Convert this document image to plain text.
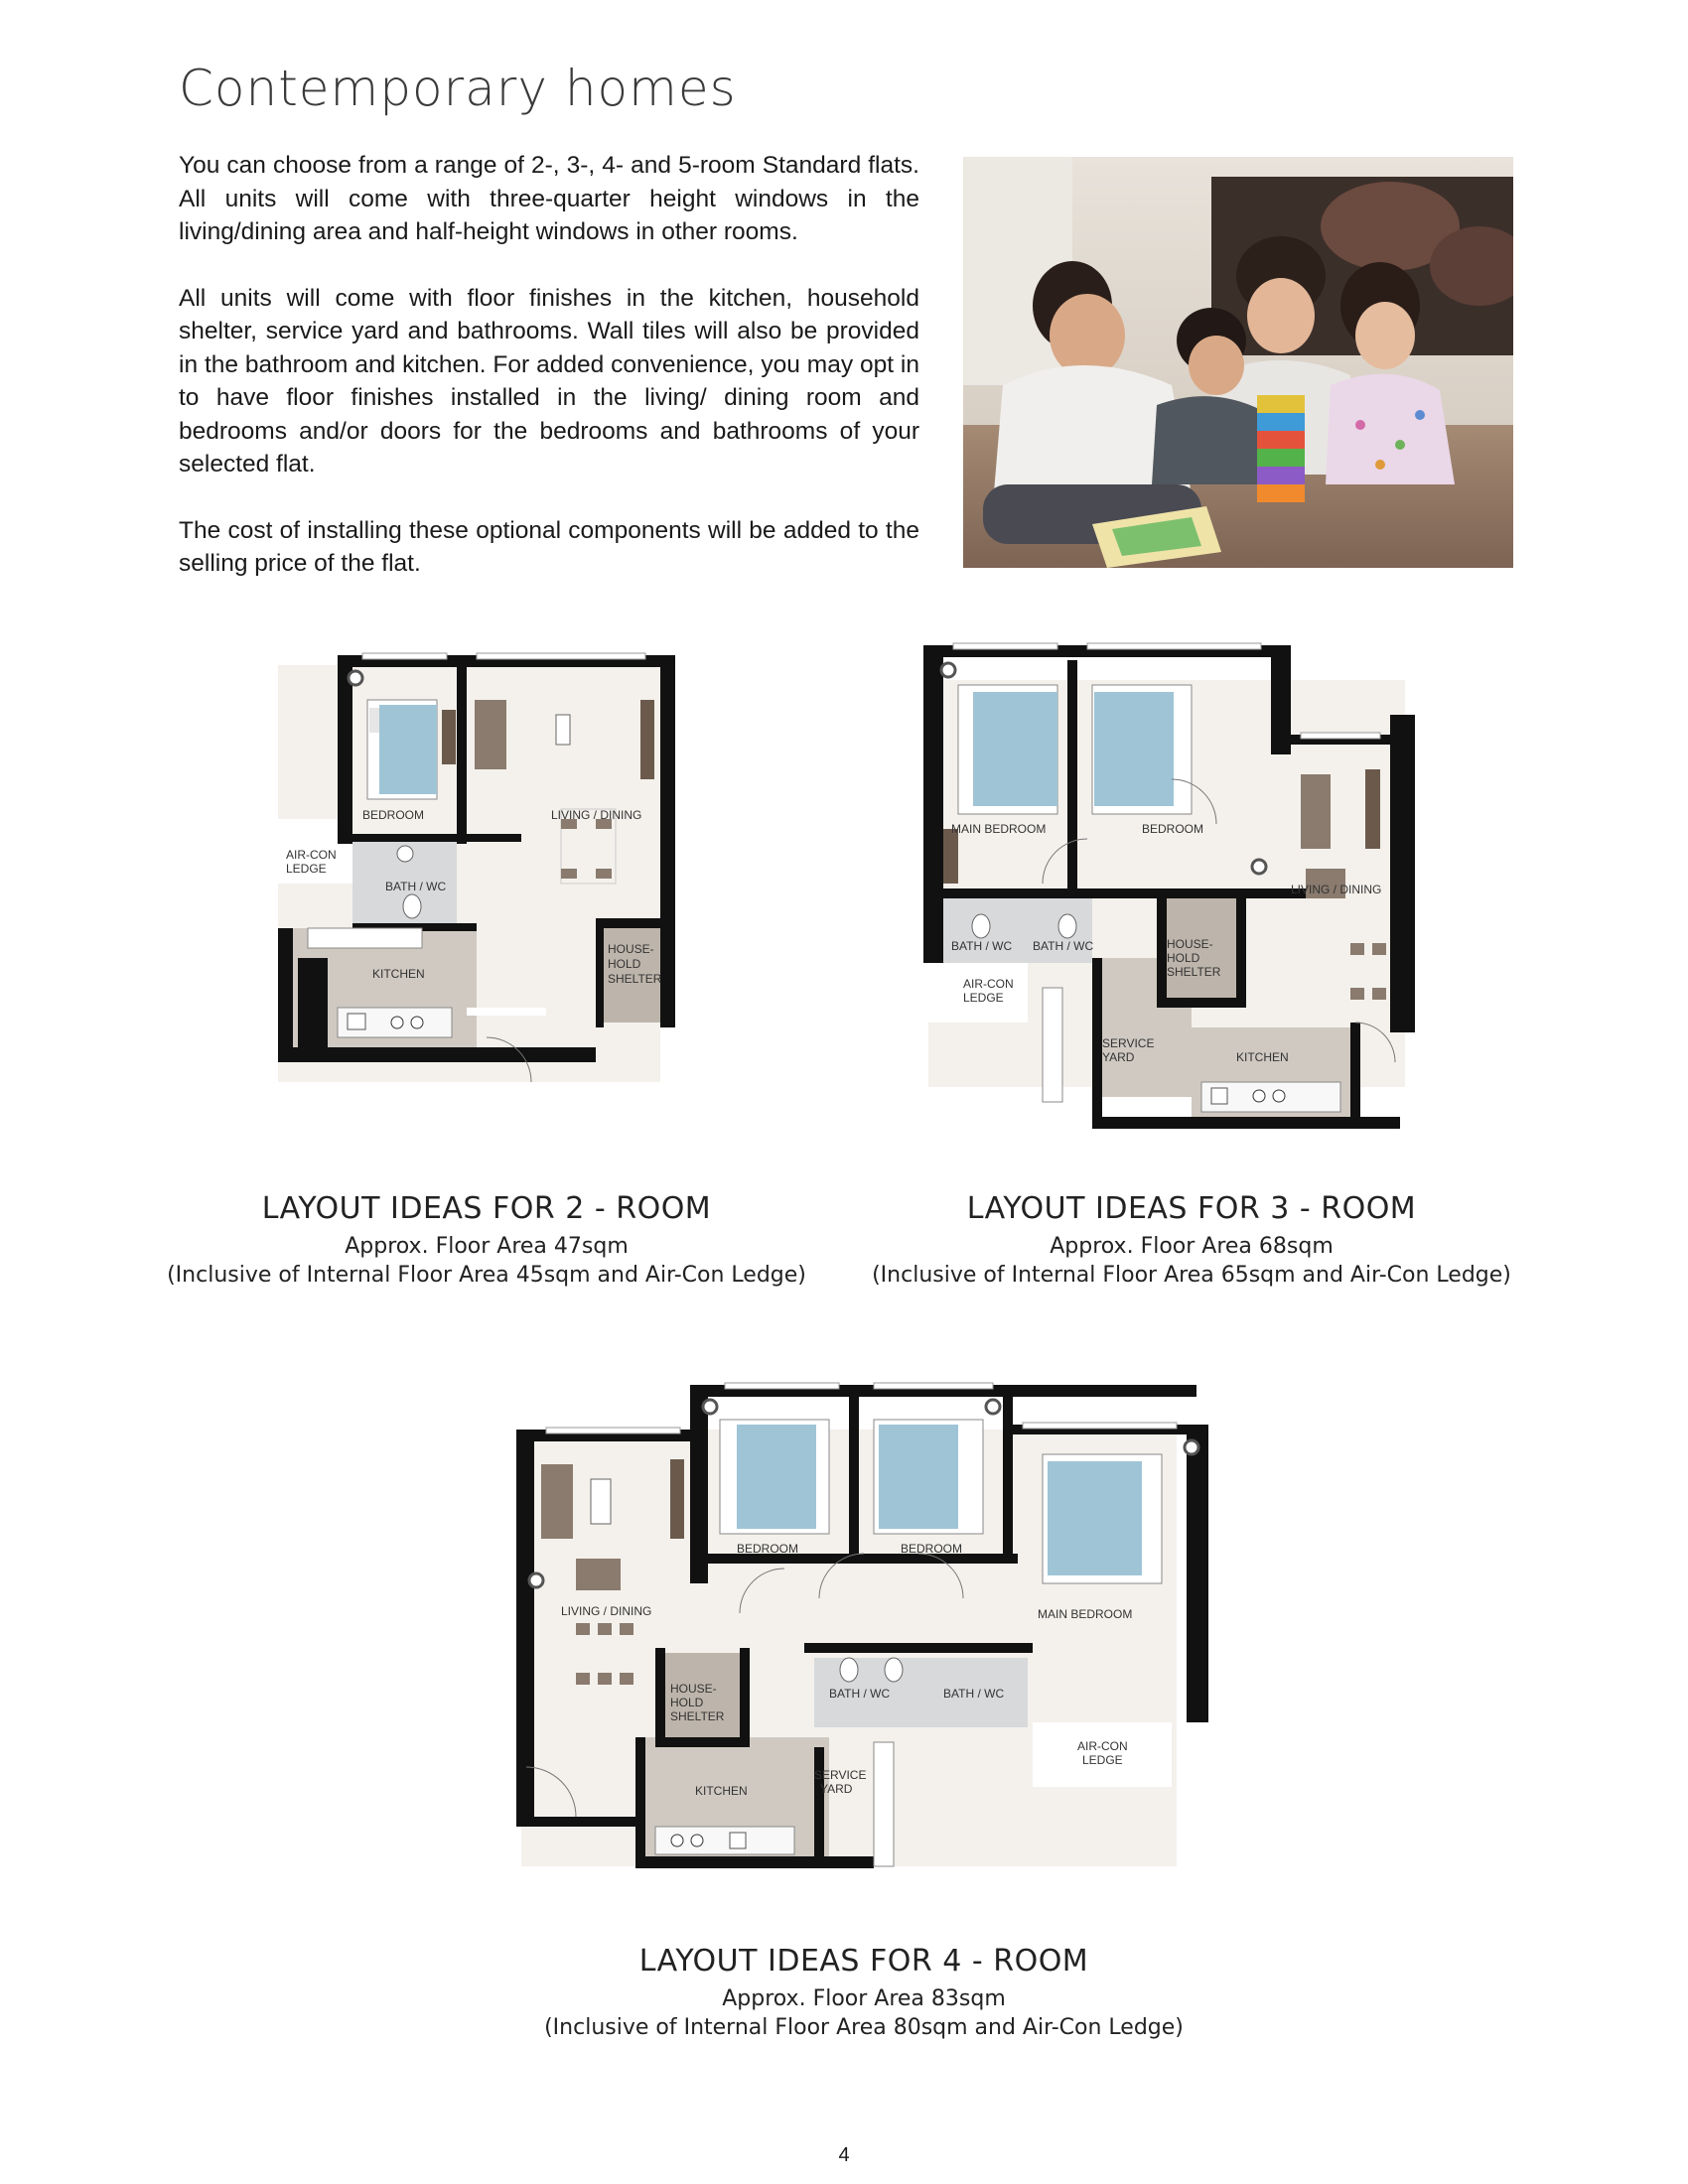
Contemporary homes

You can choose from a range of 2-, 3-, 4- and 5-room Standard flats. All units will come with three-quarter height windows in the living/dining area and half-height windows in other rooms.

All units will come with floor finishes in the kitchen, household shelter, service yard and bathrooms. Wall tiles will also be provided in the bathroom and kitchen. For added convenience, you may opt in to have floor finishes installed in the living/ dining room and bedrooms and/or doors for the bedrooms and bathrooms of your selected flat.

The cost of installing these optional components will be added to the selling price of the flat.

BEDROOM	LIVING / DINING
AIR-CON
LEDGE
BATH / WC
KITCHEN
HOUSE-
HOLD
SHELTER
LAYOUT IDEAS FOR 2 - ROOM
Approx. Floor Area 47sqm
(Inclusive of Internal Floor Area 45sqm and Air-Con Ledge)
MAIN BEDROOM	BEDROOM
LIVING / DINING
BATH / WC BATH / WC	HOUSE-
HOLD
SHELTER
AIR-CON
LEDGE
SERVICE
YARD	KITCHEN
LAYOUT IDEAS FOR 3 - ROOM
Approx. Floor Area 68sqm
(Inclusive of Internal Floor Area 65sqm and Air-Con Ledge)
BEDROOM	BEDROOM
MAIN BEDROOM
LIVING / DINING
HOUSE-
HOLD
SHELTER
BATH / WC	BATH / WC
AIR-CON
LEDGE
KITCHEN
SERVICE
YARD
LAYOUT IDEAS FOR 4 - ROOM
Approx. Floor Area 83sqm
(Inclusive of Internal Floor Area 80sqm and Air-Con Ledge)
4
